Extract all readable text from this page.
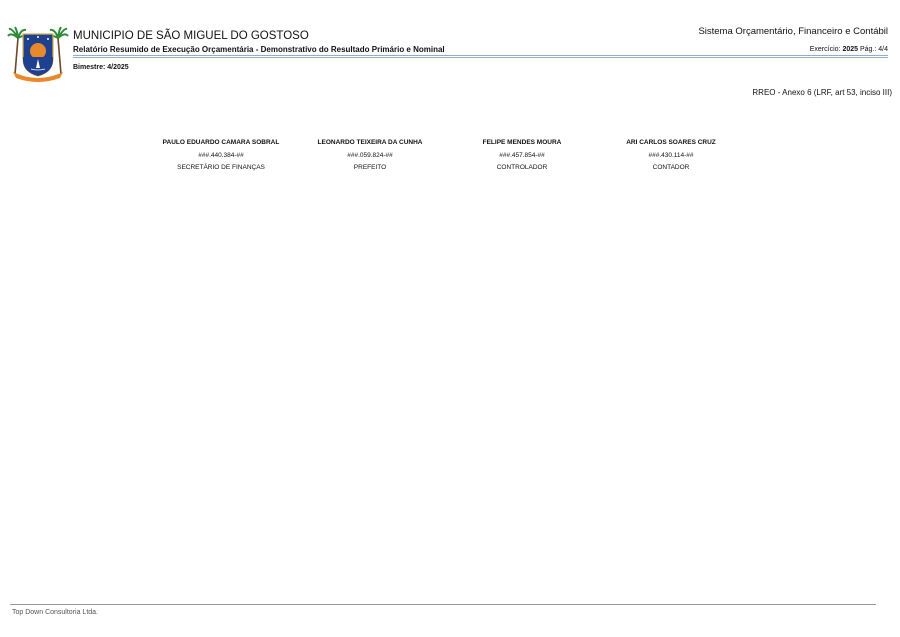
MUNICIPIO DE SÃO MIGUEL DO GOSTOSO
Relatório Resumido de Execução Orçamentária - Demonstrativo do Resultado Primário e Nominal
Sistema Orçamentário, Financeiro e Contábil
Exercício: 2025 Pág.: 4/4
Bimestre: 4/2025
RREO - Anexo 6 (LRF, art 53, inciso III)
PAULO EDUARDO CAMARA SOBRAL
###.440.384-##
SECRETÁRIO DE FINANÇAS
LEONARDO TEIXEIRA DA CUNHA
###.059.824-##
PREFEITO
FELIPE MENDES MOURA
###.457.854-##
CONTROLADOR
ARI CARLOS SOARES CRUZ
###.430.114-##
CONTADOR
Top Down Consultoria Ltda.
